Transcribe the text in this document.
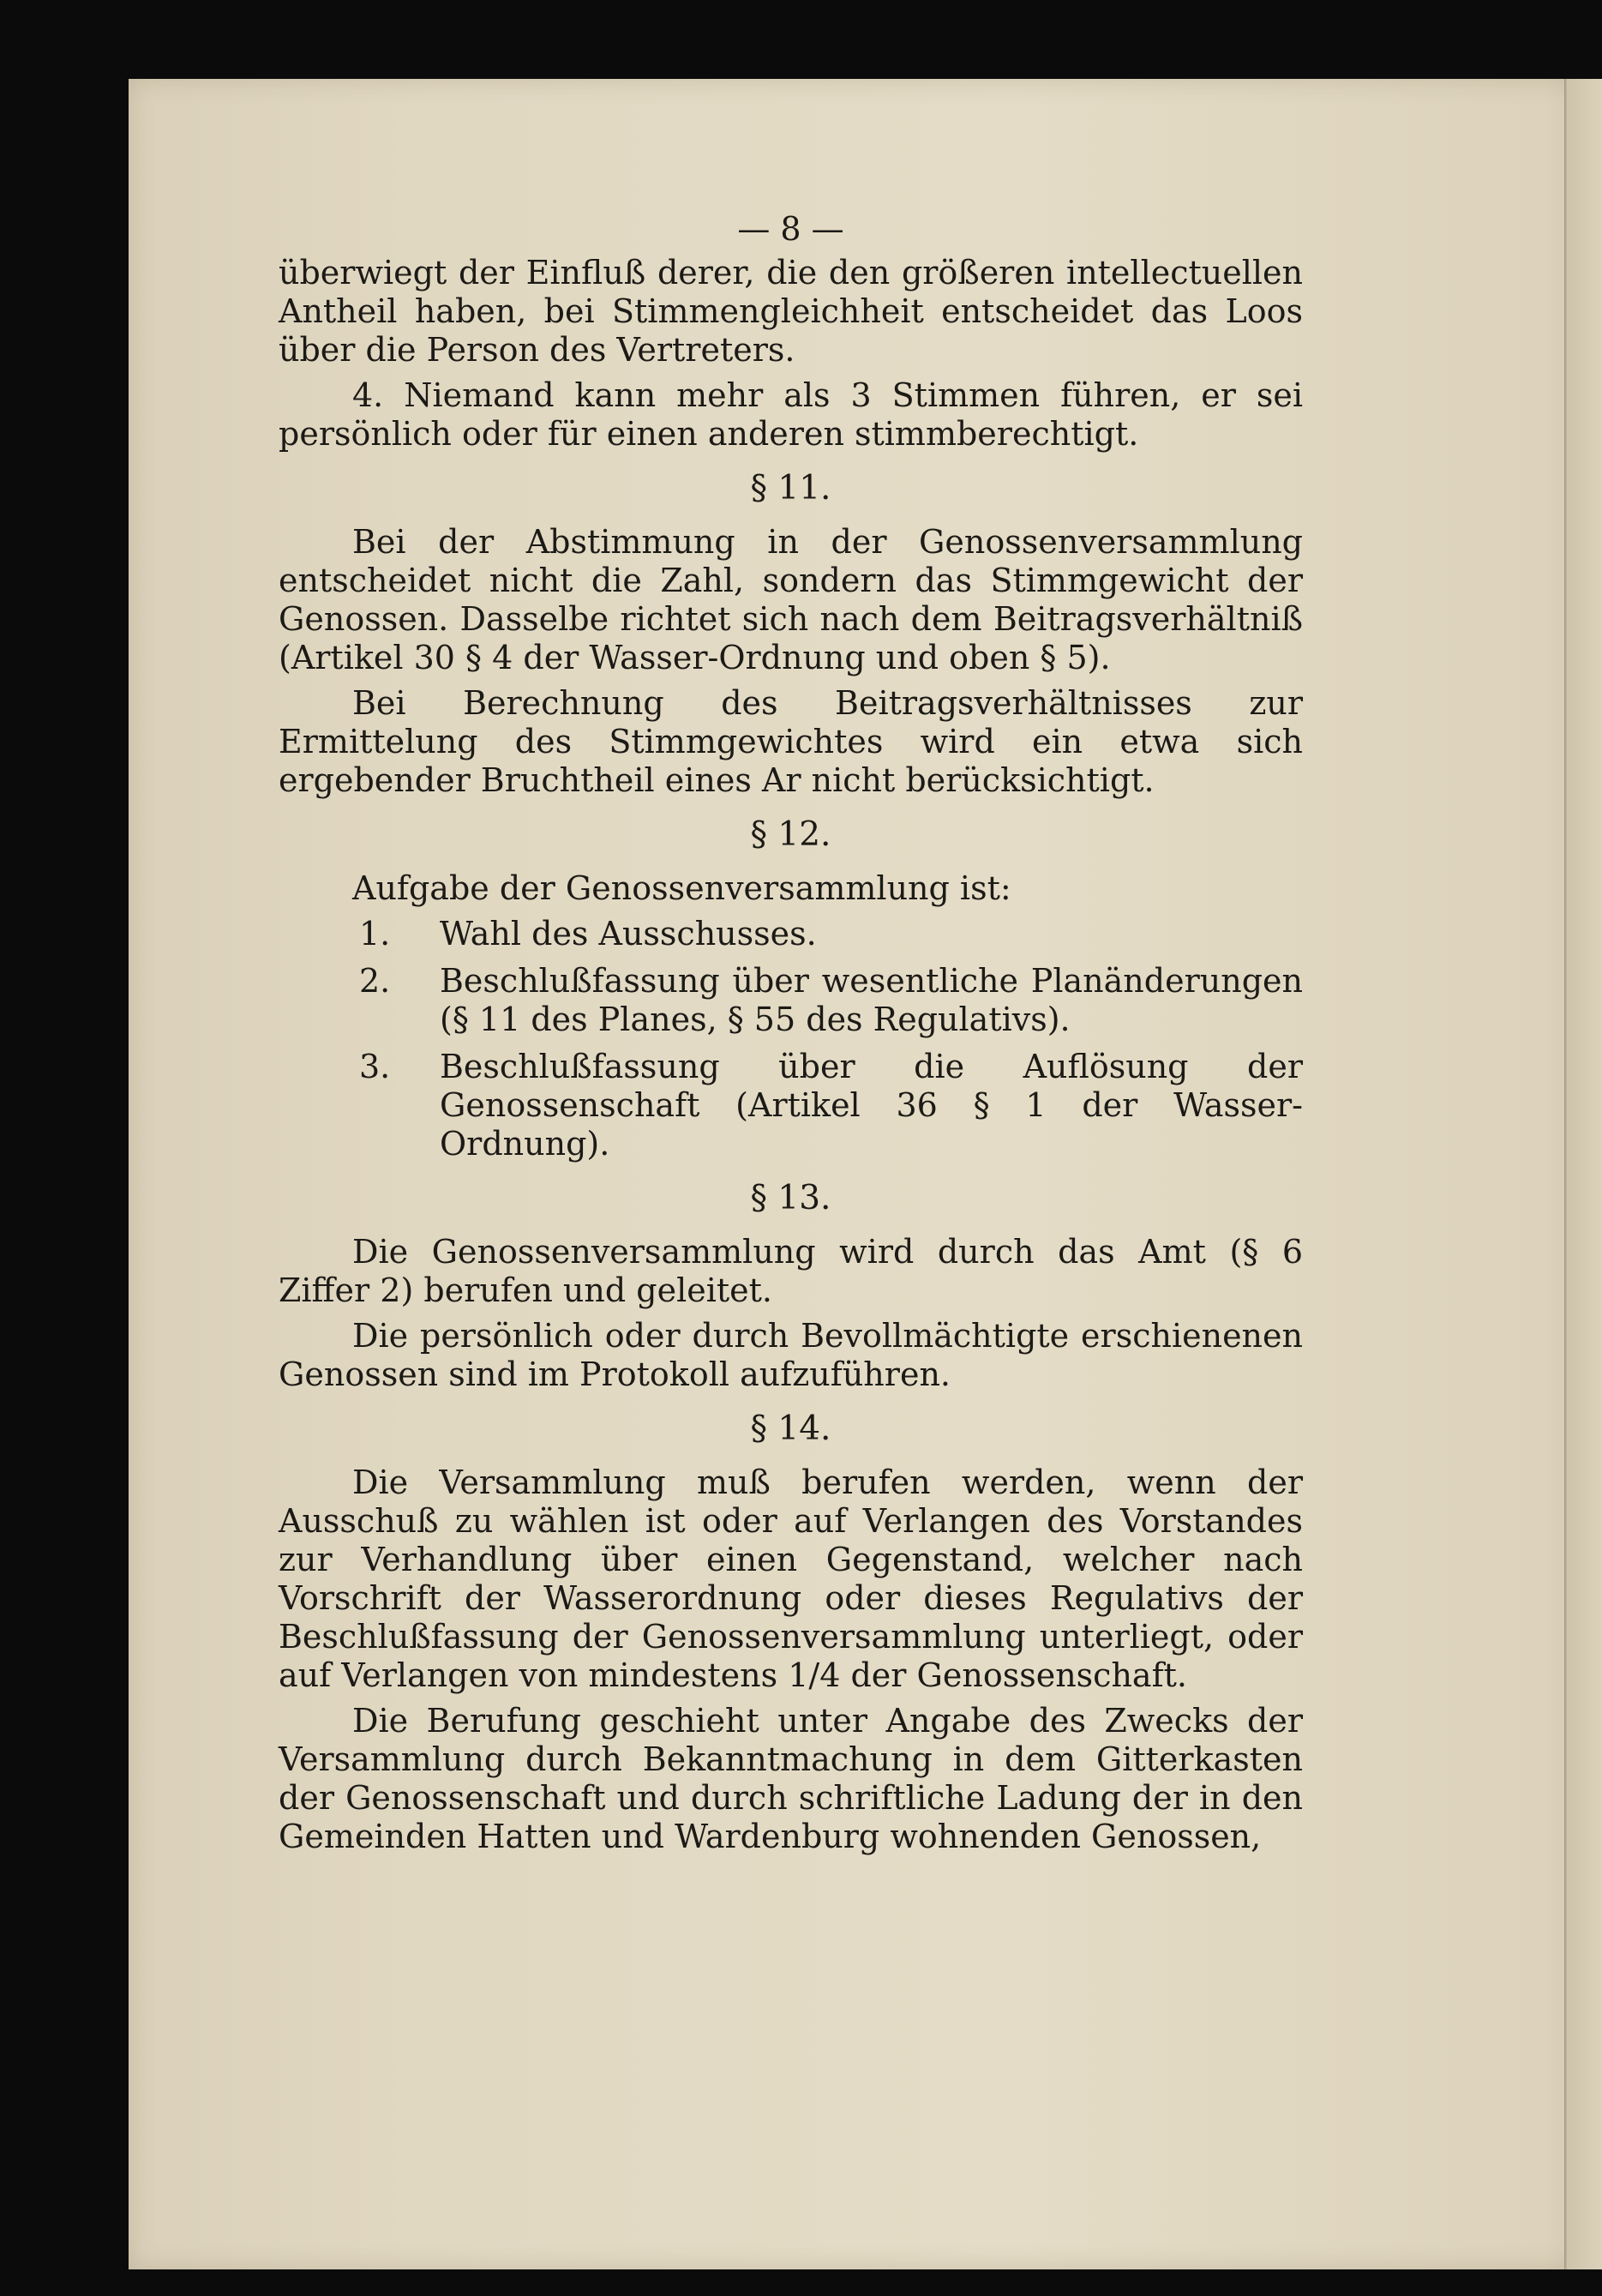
— 8 —

überwiegt der Einfluß derer, die den größeren intellectuellen Antheil haben, bei Stimmengleichheit entscheidet das Loos über die Person des Vertreters.

4. Niemand kann mehr als 3 Stimmen führen, er sei persönlich oder für einen anderen stimmberechtigt.

§ 11.

Bei der Abstimmung in der Genossenversammlung entscheidet nicht die Zahl, sondern das Stimmgewicht der Genossen. Dasselbe richtet sich nach dem Beitragsverhältniß (Artikel 30 § 4 der Wasser-Ordnung und oben § 5).

Bei Berechnung des Beitragsverhältnisses zur Ermittelung des Stimmgewichtes wird ein etwa sich ergebender Bruchtheil eines Ar nicht berücksichtigt.

§ 12.

Aufgabe der Genossenversammlung ist:

1.	Wahl des Ausschusses.
2.	Beschlußfassung über wesentliche Planänderungen (§ 11 des Planes, § 55 des Regulativs).
3.	Beschlußfassung über die Auflösung der Genossenschaft (Artikel 36 § 1 der Wasser-Ordnung).
§ 13.

Die Genossenversammlung wird durch das Amt (§ 6 Ziffer 2) berufen und geleitet.

Die persönlich oder durch Bevollmächtigte erschienenen Genossen sind im Protokoll aufzuführen.

§ 14.

Die Versammlung muß berufen werden, wenn der Ausschuß zu wählen ist oder auf Verlangen des Vorstandes zur Verhandlung über einen Gegenstand, welcher nach Vorschrift der Wasserordnung oder dieses Regulativs der Beschlußfassung der Genossenversammlung unterliegt, oder auf Verlangen von mindestens 1/4 der Genossenschaft.

Die Berufung geschieht unter Angabe des Zwecks der Versammlung durch Bekanntmachung in dem Gitterkasten der Genossenschaft und durch schriftliche Ladung der in den Gemeinden Hatten und Wardenburg wohnenden Genossen,
